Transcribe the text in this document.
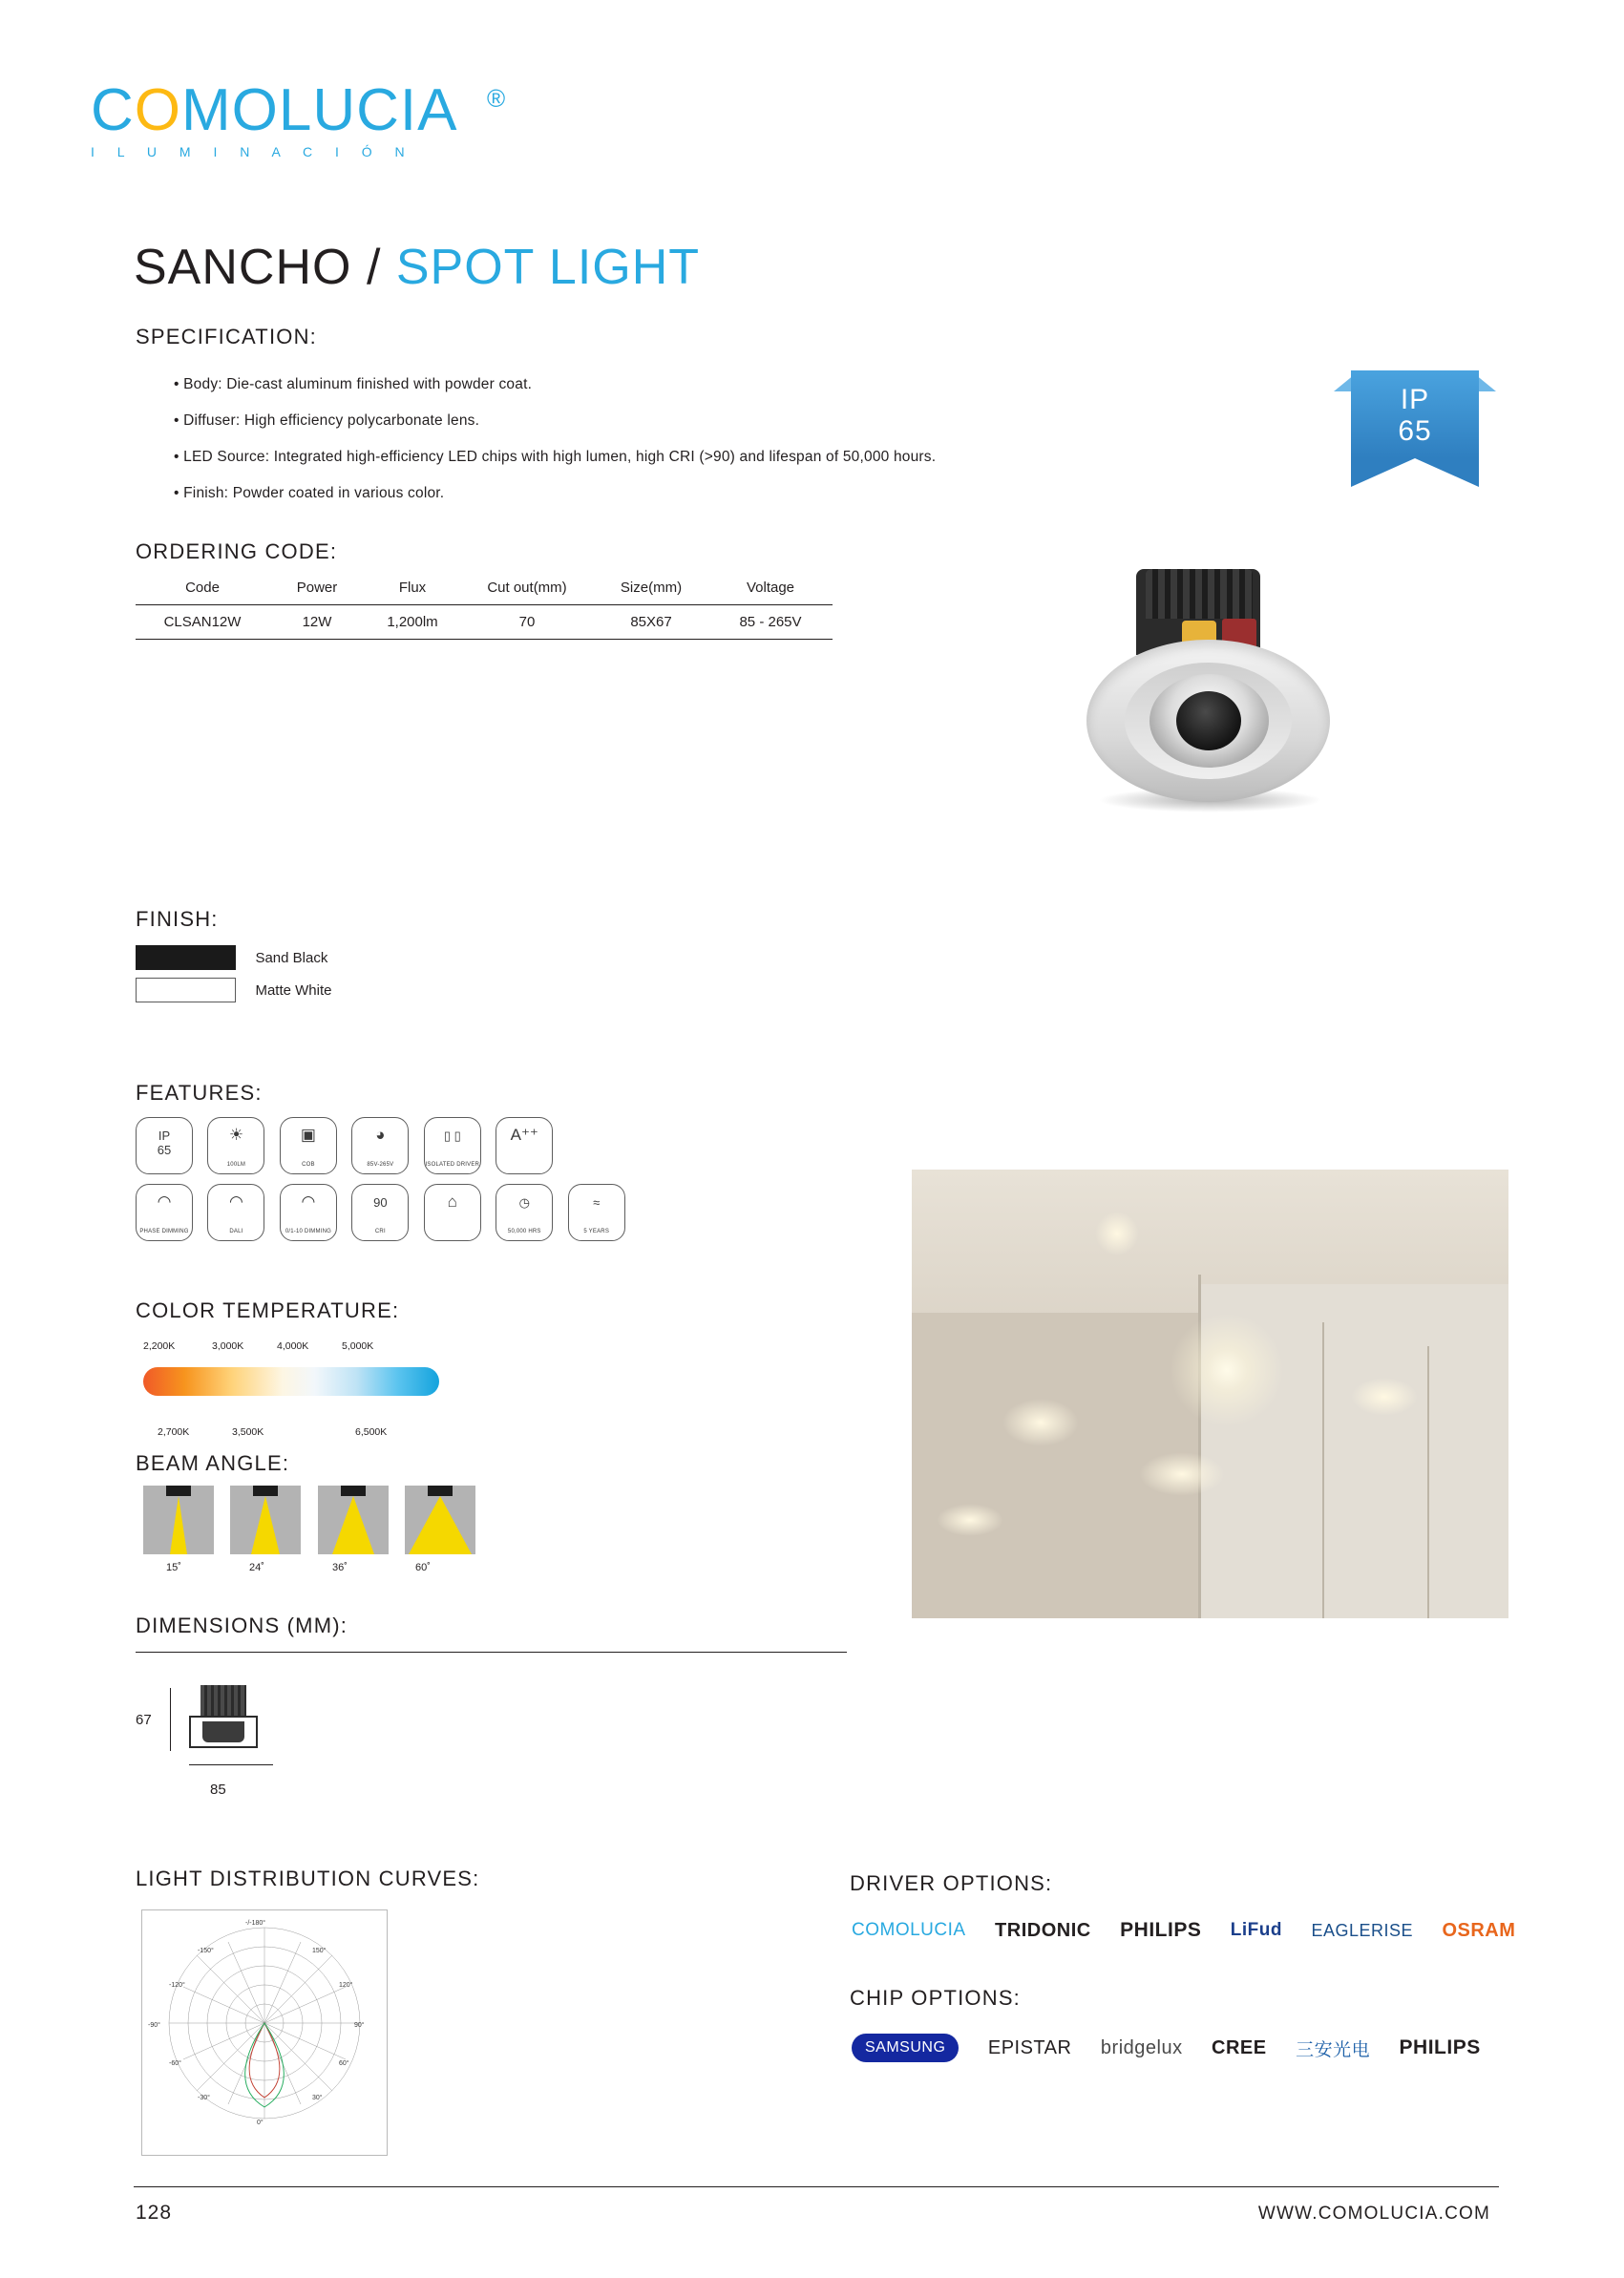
COMOLUCIA
I L U M I N A C I Ó N
®
SANCHO / SPOT LIGHT
SPECIFICATION:
• Body: Die-cast aluminum finished with powder coat.
• Diffuser: High efficiency polycarbonate lens.
• LED Source: Integrated high-efficiency LED chips with high lumen, high CRI (>90) and lifespan of 50,000 hours.
• Finish: Powder coated in various color.
IP
65
ORDERING CODE:
Code	Power	Flux	Cut out(mm)	Size(mm)	Voltage
CLSAN12W	12W	1,200lm	70	85X67	85 - 265V
FINISH:
Sand Black
Matte White
FEATURES:
IP
65

☀
100LM

▣
COB

◕
85V-265V

▯ ▯
ISOLATED DRIVER

A⁺⁺

◠
PHASE DIMMING

◠
DALI

◠
0/1-10 DIMMING

90
CRI

⌂
	◷
50,000 HRS

≈
5 YEARS
COLOR TEMPERATURE:
2,200K	3,000K	4,000K	5,000K
2,700K	3,500K	6,500K
BEAM ANGLE:

15˚	24˚	36˚	60˚
DIMENSIONS (MM):
67
85
LIGHT DISTRIBUTION CURVES:
-/-180°
150°
-150°
120°
-120°
90°
-90°
60°
-60°
30°
-30°
0°
DRIVER OPTIONS:
COMOLUCIA TRIDONIC PHILIPS LiFud EAGLERISE OSRAM
CHIP OPTIONS:
SAMSUNG EPISTAR bridgelux CREE 三安光电 PHILIPS
128	WWW.COMOLUCIA.COM
